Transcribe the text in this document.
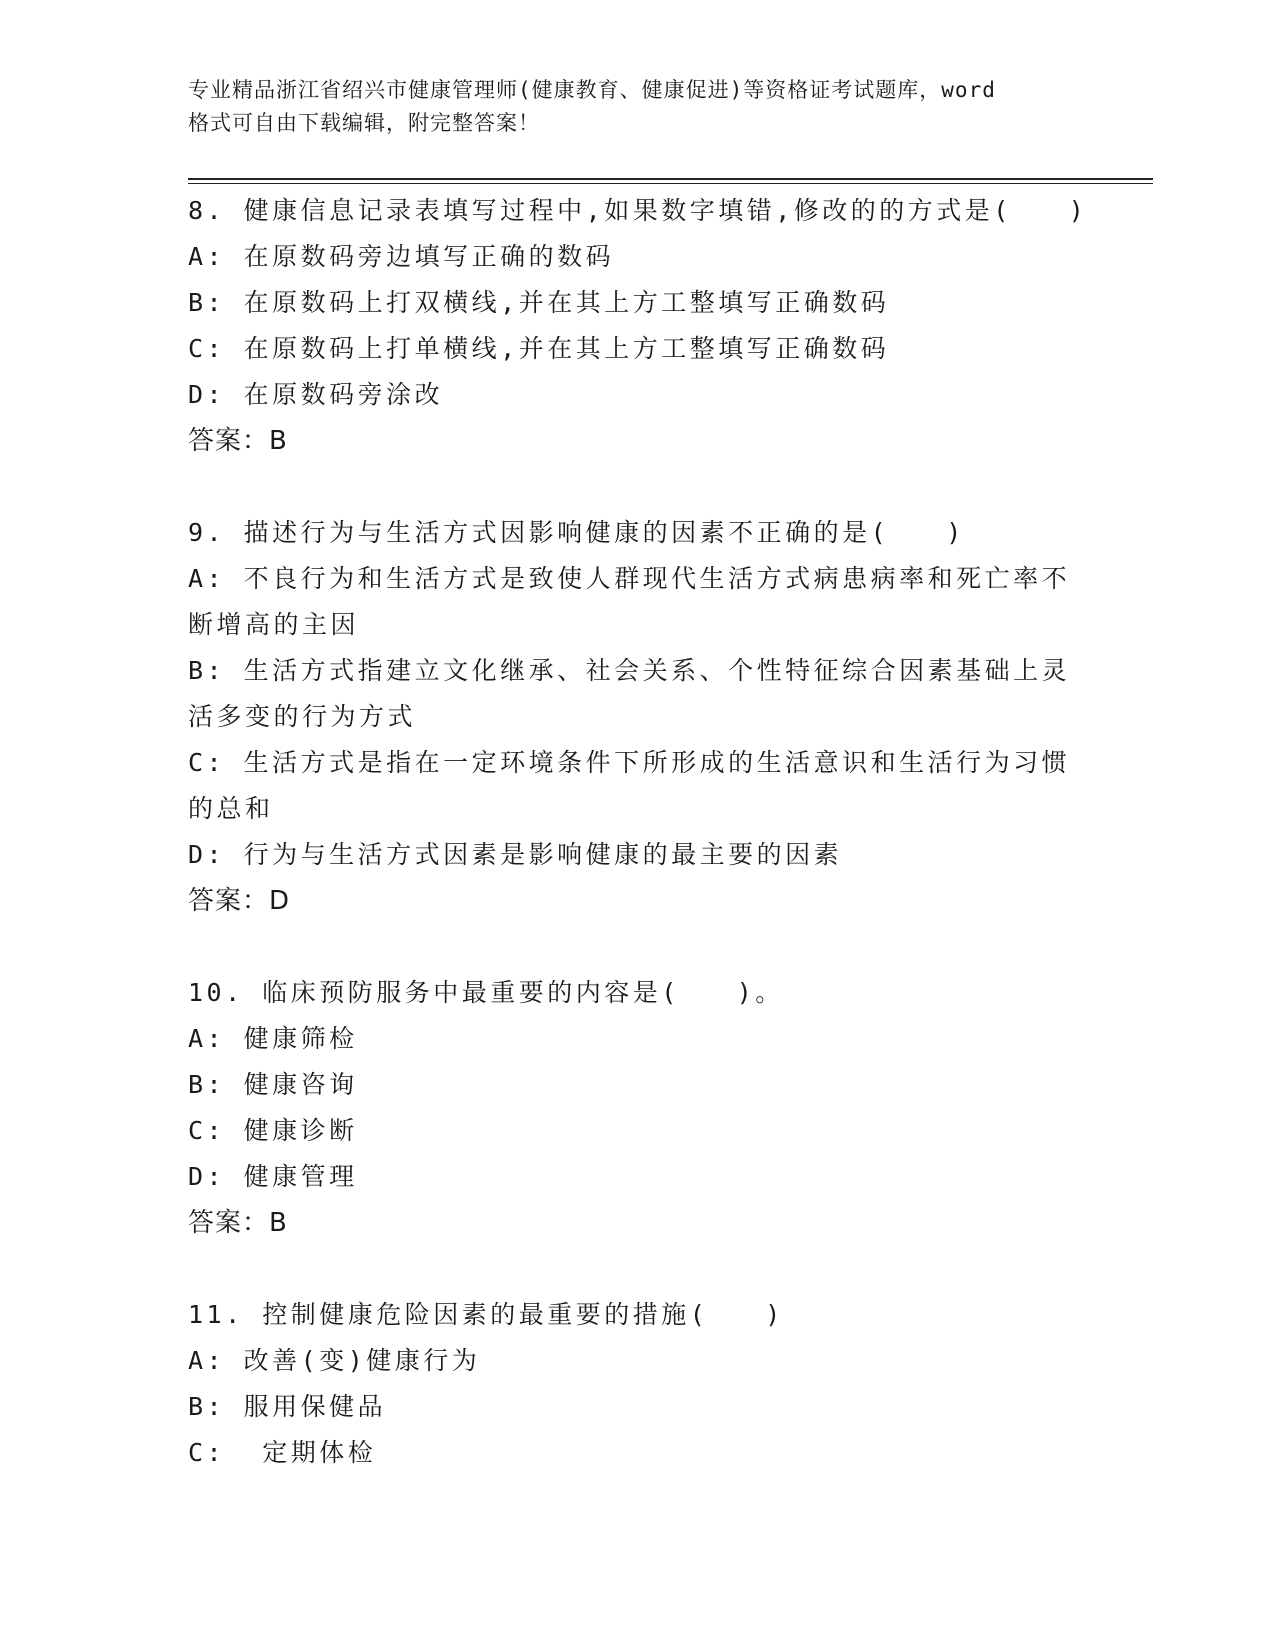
专业精品浙江省绍兴市健康管理师(健康教育、健康促进)等资格证考试题库，word
格式可自由下载编辑，附完整答案！
8. 健康信息记录表填写过程中,如果数字填错,修改的的方式是(　　)
A: 在原数码旁边填写正确的数码
B: 在原数码上打双横线,并在其上方工整填写正确数码
C: 在原数码上打单横线,并在其上方工整填写正确数码
D: 在原数码旁涂改
答案：B
9. 描述行为与生活方式因影响健康的因素不正确的是(　　)
A: 不良行为和生活方式是致使人群现代生活方式病患病率和死亡率不
断增高的主因
B: 生活方式指建立文化继承、社会关系、个性特征综合因素基础上灵
活多变的行为方式
C: 生活方式是指在一定环境条件下所形成的生活意识和生活行为习惯
的总和
D: 行为与生活方式因素是影响健康的最主要的因素
答案：D
10. 临床预防服务中最重要的内容是(　　)。
A: 健康筛检
B: 健康咨询
C: 健康诊断
D: 健康管理
答案：B
11. 控制健康危险因素的最重要的措施(　　)
A: 改善(变)健康行为
B: 服用保健品
C:  定期体检
